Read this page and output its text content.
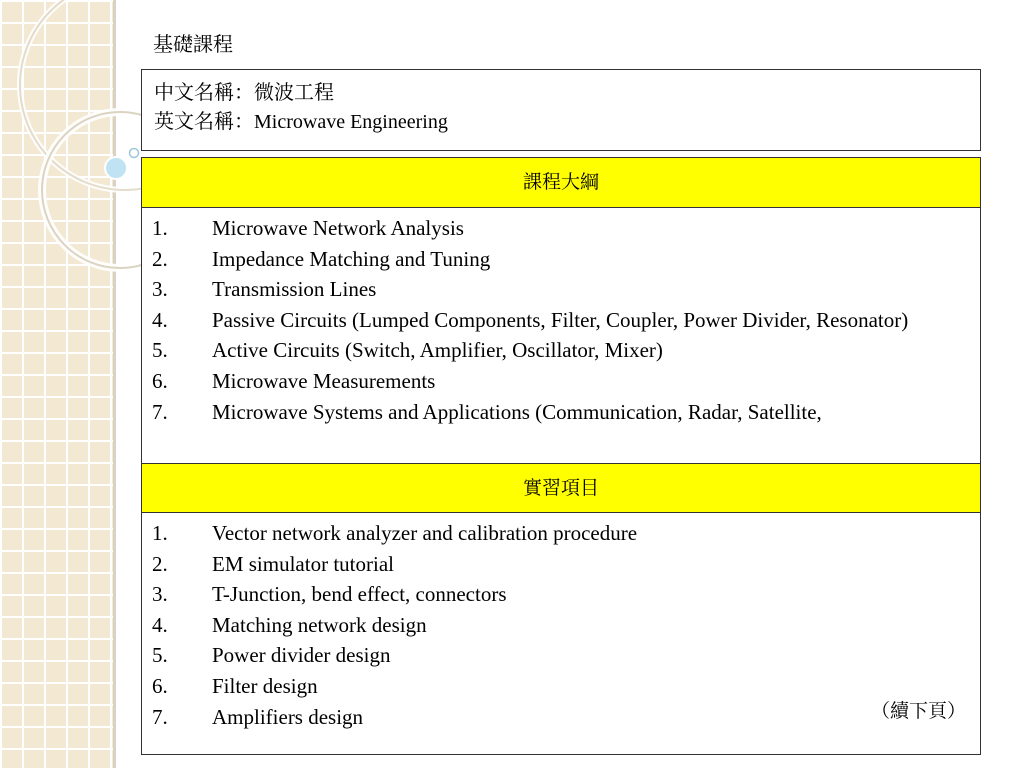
基礎課程
中文名稱：微波工程
英文名稱：Microwave Engineering
課程大綱
1.	Microwave Network Analysis
2.	Impedance Matching and Tuning
3.	Transmission Lines
4.	Passive Circuits (Lumped Components, Filter, Coupler, Power Divider, Resonator)
5.	Active Circuits (Switch, Amplifier, Oscillator, Mixer)
6.	Microwave Measurements
7.	Microwave Systems and Applications (Communication, Radar, Satellite,
實習項目
1.	Vector network analyzer and calibration procedure
2.	EM simulator tutorial
3.	T-Junction, bend effect, connectors
4.	Matching network design
5.	Power divider design
6.	Filter design
7.	Amplifiers design	（續下頁）
